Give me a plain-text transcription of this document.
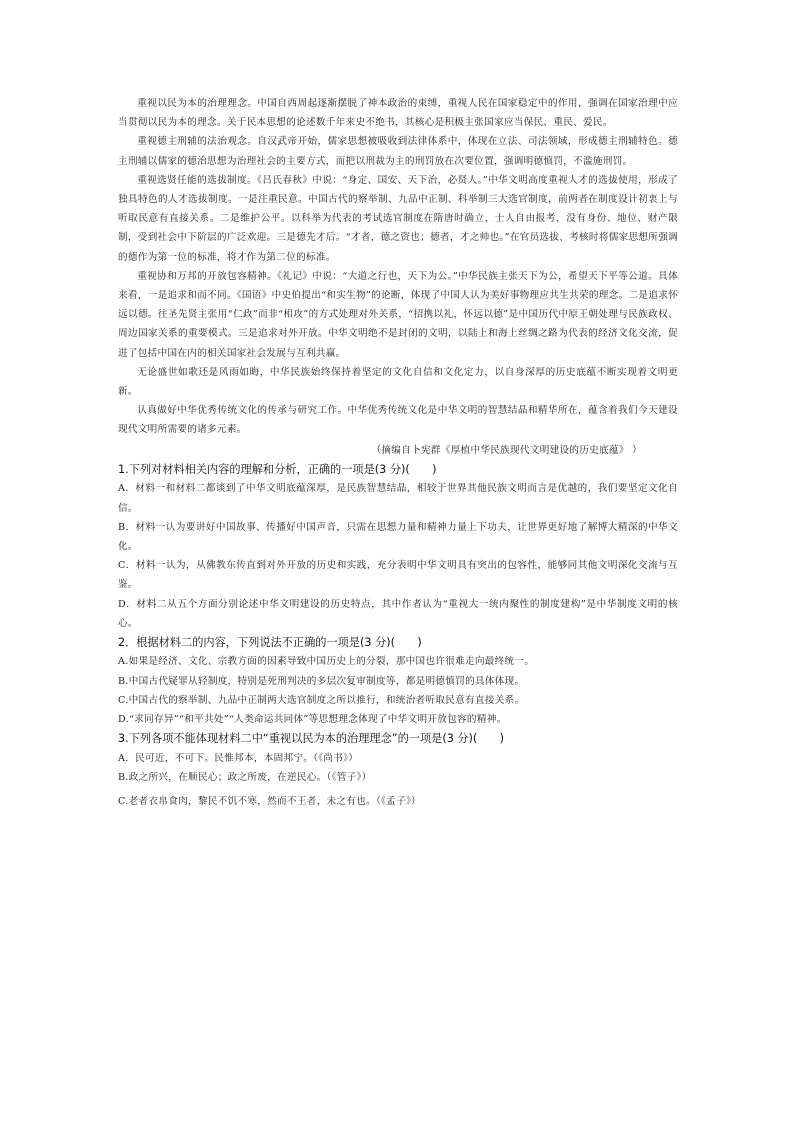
重视以民为本的治理理念。中国自西周起逐渐摆脱了神本政治的束缚，重视人民在国家稳定中的作用，强调在国家治理中应当贯彻以民为本的理念。关于民本思想的论述数千年来史不绝书，其核心是积极主张国家应当保民、重民、爱民。

重视德主刑辅的法治观念。自汉武帝开始，儒家思想被吸收到法律体系中，体现在立法、司法领域，形成德主刑辅特色。德主刑辅以儒家的德治思想为治理社会的主要方式，而把以刑裁为主的刑罚放在次要位置，强调明德慎罚，不滥施刑罚。

重视选贤任能的选拔制度。《吕氏春秋》中说：“身定、国安、天下治，必贤人。”中华文明高度重视人才的选拔使用，形成了独具特色的人才选拔制度。一是注重民意。中国古代的察举制、九品中正制、科举制三大选官制度，前两者在制度设计初衷上与听取民意有直接关系。二是维护公平。以科举为代表的考试选官制度在隋唐时确立，士人自由报考，没有身份、地位、财产限制，受到社会中下阶层的广泛欢迎。三是德先才后。“才者，德之资也；德者，才之帅也。”在官员选拔、考核时将儒家思想所强调的德作为第一位的标准，将才作为第二位的标准。

重视协和万邦的开放包容精神。《礼记》中说：“大道之行也，天下为公。”中华民族主张天下为公，希望天下平等公道。具体来看，一是追求和而不同。《国语》中史伯提出“和实生物”的论断，体现了中国人认为美好事物理应共生共荣的理念。二是追求怀远以德。往圣先贤主张用“仁政”而非“相攻”的方式处理对外关系，“招携以礼，怀远以德”是中国历代中原王朝处理与民族政权、周边国家关系的重要模式。三是追求对外开放。中华文明绝不是封闭的文明，以陆上和海上丝绸之路为代表的经济文化交流，促进了包括中国在内的相关国家社会发展与互利共赢。

无论盛世如歌还是风雨如晦，中华民族始终保持着坚定的文化自信和文化定力，以自身深厚的历史底蕴不断实现着文明更新。

认真做好中华优秀传统文化的传承与研究工作。中华优秀传统文化是中华文明的智慧结晶和精华所在，蕴含着我们今天建设现代文明所需要的诸多元素。

（摘编自卜宪群《厚植中华民族现代文明建设的历史底蕴》 ）

1.下列对材料相关内容的理解和分析，正确的一项是(3 分)(　　)

A．材料一和材料二都谈到了中华文明底蕴深厚，是民族智慧结晶，相较于世界其他民族文明而言是优越的，我们要坚定文化自信。

B．材料一认为要讲好中国故事、传播好中国声音，只需在思想力量和精神力量上下功夫，让世界更好地了解博大精深的中华文化。

C．材料一认为，从佛教东传直到对外开放的历史和实践，充分表明中华文明具有突出的包容性，能够同其他文明深化交流与互鉴。

D．材料二从五个方面分别论述中华文明建设的历史特点，其中作者认为“重视大一统内聚性的制度建构”是中华制度文明的核心。

2．根据材料二的内容，下列说法不正确的一项是(3 分)(　　)

A.如果是经济、文化、宗教方面的因素导致中国历史上的分裂，那中国也许很难走向最终统一。

B.中国古代疑罪从轻制度，特别是死刑判决的多层次复审制度等，都是明德慎罚的具体体现。

C.中国古代的察举制、九品中正制两大选官制度之所以推行，和统治者听取民意有直接关系。

D.“求同存异”“和平共处”“人类命运共同体”等思想理念体现了中华文明开放包容的精神。

3.下列各项不能体现材料二中“重视以民为本的治理理念”的一项是(3 分)(　　)

A．民可近，不可下。民惟邦本，本固邦宁。（《尚书》）

B.政之所兴，在顺民心；政之所废，在逆民心。（《管子》）

C.老者衣帛食肉，黎民不饥不寒，然而不王者，未之有也。（《孟子》）
